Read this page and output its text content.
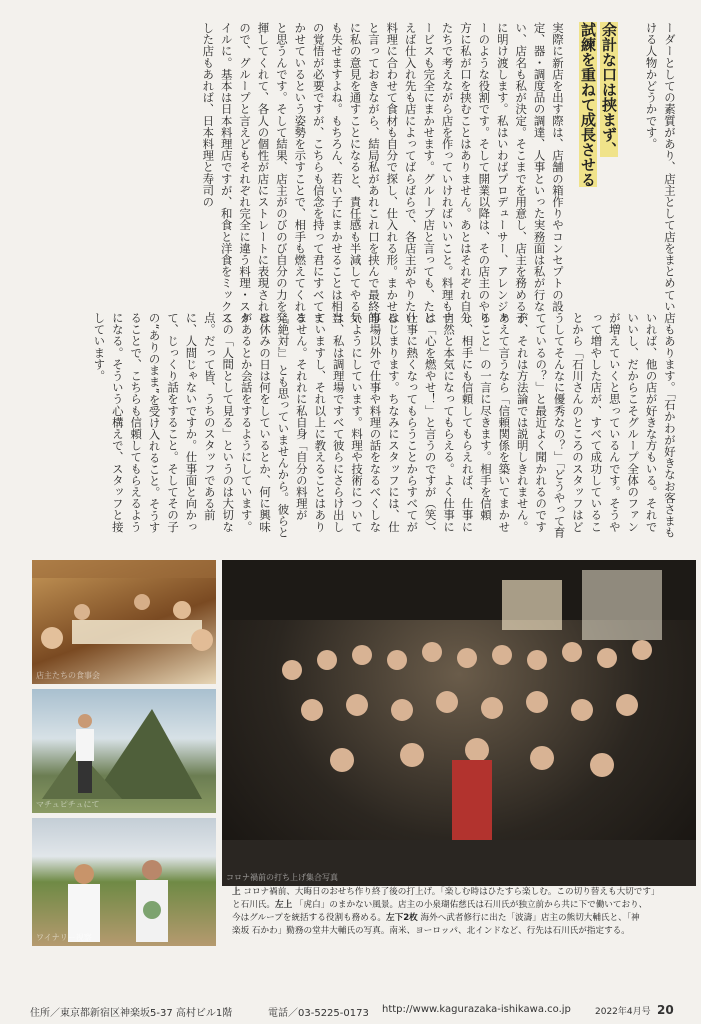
ーダーとしての素質があり、店主として店をまとめていける人物かどうかです。
余計な口は挟まず、
試練を重ねて成長させる
実際に新店を出す際は、店舗の箱作りやコンセプトの設定、器・調度品の調達、人事といった実務面は私が行ない、店名も私が決定。そこまでを用意し、店主を務める子に明け渡します。私はいわばプロデューサー、アレンジャーのような役割です。そして開業以降は、その店主のやり方に私が口を挟むことはありません。あとはそれぞれ自分たちで考えながら店を作っていければいいこと。料理もサービスも完全にまかせます。グループ店と言っても、たとえば仕入れ先も店によってばらばらで、各店主がやりたい料理に合わせて食材も自分で探し、仕入れる形。まかせると言っておきながら、結局私があれこれ口を挟んで最終的に私の意見を通すことになると、責任感も半減してやる気も失せますよね。もちろん、若い子にまかせることは相当の覚悟が必要ですが、こちらも信念を持って君にすべてまかせているという姿勢を示すことで、相手も燃えてくれると思うんです。そして結果、店主がのびのび自分の力を発揮してくれて、各人の個性が店にストレートに表現されるので、グループと言えどもそれぞれ完全に違う料理・スタイルに。基本は日本料理店ですが、和食と洋食をミックスした店もあれば、日本料理と寿司の
店もあります。「石かわが好きなお客さまもいれば、他の店が好きな方もいる。それでいいし、だからこそグループ全体のファンが増えていくと思っているんです。そうやって増やした店が、すべて成功していることから「石川さんのところのスタッフはどうしてそんなに優秀なの？」「どうやって育てているの？」と最近よく聞かれるのですが、それは方法論では説明しきれません。あえて言うなら「信頼関係を築いてまかせること」の一言に尽きます。相手を信頼し、相手にも信頼してもらえれば、仕事に自然と本気になってもらえる。よく仕事には「心を燃やせ！」と言うのですが（笑）、仕事に熱くなってもらうことからすべてがはじまります。ちなみにスタッフには、仕事場以外で仕事や料理の話をなるべくしないようにしています。料理や技術については、私は調理場ですべて彼らにさらけ出していますし、それ以上に教えることはありません。それれに私自身「自分の料理が『絶対』」とも思っていませんから。彼らとは休みの日は何をしているとか、何に興味があるとか会話をするようにしています。この「人間として見る」というのは大切な点。だって皆、うちのスタッフである前に、人間じゃないですか。仕事面と向かって、じっくり話をすること。そしてその子の“ありのまま”を受け入れること。そうすることで、こちらも信頼してもらえるようになる。そういう心構えで、スタッフと接しています。
店主たちの食事会
マチュピチュにて
ワイナリー視察
コロナ禍前の打ち上げ集合写真
上 コロナ禍前、大晦日のおせち作り終了後の打上げ。「楽しむ時はひたすら楽しむ。この切り替えも大切です」
と石川氏。左上 「虎白」のまかない風景。店主の小泉瑚佑慈氏は石川氏が独立前から共に下で働いており、
今はグループを統括する役割も務める。左下2枚 海外へ武者修行に出た「波濤」店主の熊切大輔氏と、「神
楽坂 石かわ」勤務の堂井大輔氏の写真。南米、ヨーロッパ、北インドなど、行先は石川氏が指定する。
住所／東京都新宿区神楽坂5-37 高村ビル1階	電話／03-5225-0173 http://www.kagurazaka-ishikawa.co.jp	2022年4月号 20
